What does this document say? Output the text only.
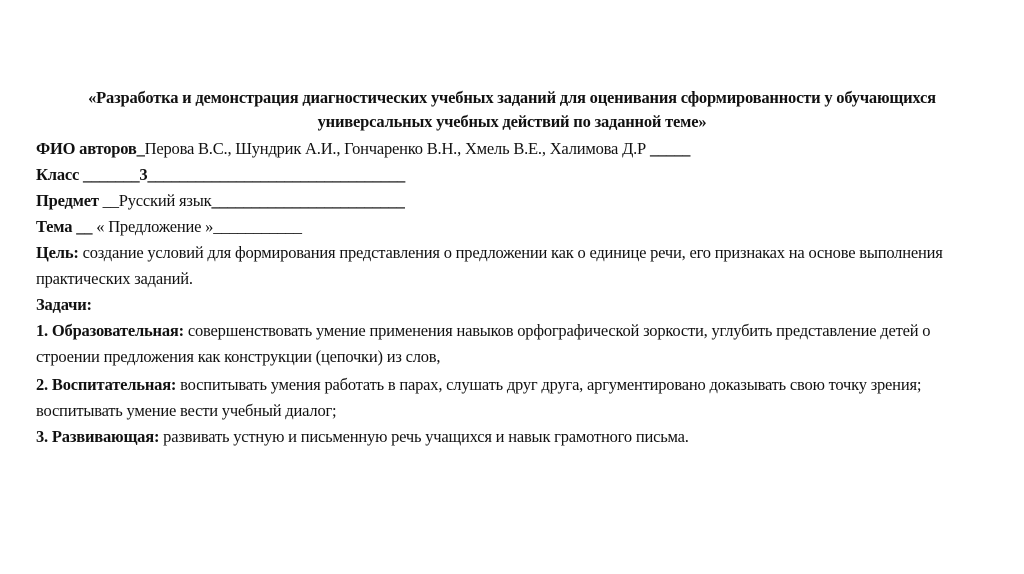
«Разработка и демонстрация диагностических учебных заданий для оценивания сформированности у обучающихся
универсальных учебных действий по заданной теме»
ФИО авторов_Перова В.С., Шундрик А.И., Гончаренко В.Н., Хмель В.Е., Халимова Д.Р _____
Класс _______3________________________________
Предмет __Русский язык________________________
Тема __ « Предложение »___________
Цель: создание условий для формирования представления о предложении как о единице речи, его признаках на основе выполнения
практических заданий.
Задачи:
1. Образовательная: совершенствовать умение применения навыков орфографической зоркости, углубить представление детей о
строении предложения как конструкции (цепочки) из слов,
2. Воспитательная: воспитывать умения работать в парах, слушать друг друга, аргументировано доказывать свою точку зрения;
воспитывать умение вести учебный диалог;
3. Развивающая: развивать устную и письменную речь учащихся и навык грамотного письма.
